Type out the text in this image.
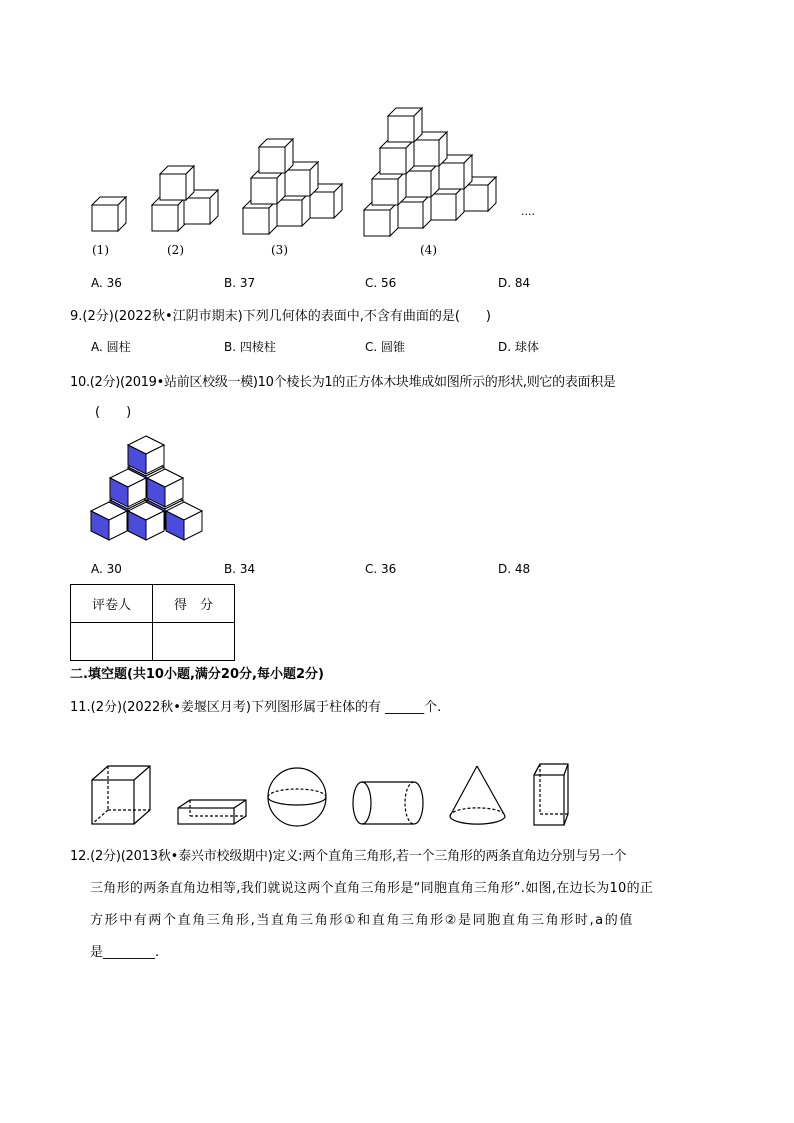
(1)	(2)	(3)	(4)
....
A. 36	B. 37	C. 56	D. 84
9.(2分)(2022秋•江阴市期末)下列几何体的表面中,不含有曲面的是(　　)
A. 圆柱	B. 四棱柱	C. 圆锥	D. 球体
10.(2分)(2019•站前区校级一模)10个棱长为1的正方体木块堆成如图所示的形状,则它的表面积是
(　　)
A. 30	B. 34	C. 36	D. 48
评卷人	得　分

二.填空题(共10小题,满分20分,每小题2分)
11.(2分)(2022秋•姜堰区月考)下列图形属于柱体的有 ______个.
12.(2分)(2013秋•泰兴市校级期中)定义:两个直角三角形,若一个三角形的两条直角边分别与另一个
三角形的两条直角边相等,我们就说这两个直角三角形是“同胞直角三角形”.如图,在边长为10的正
方形中有两个直角三角形,当直角三角形①和直角三角形②是同胞直角三角形时,a的值
是________.
